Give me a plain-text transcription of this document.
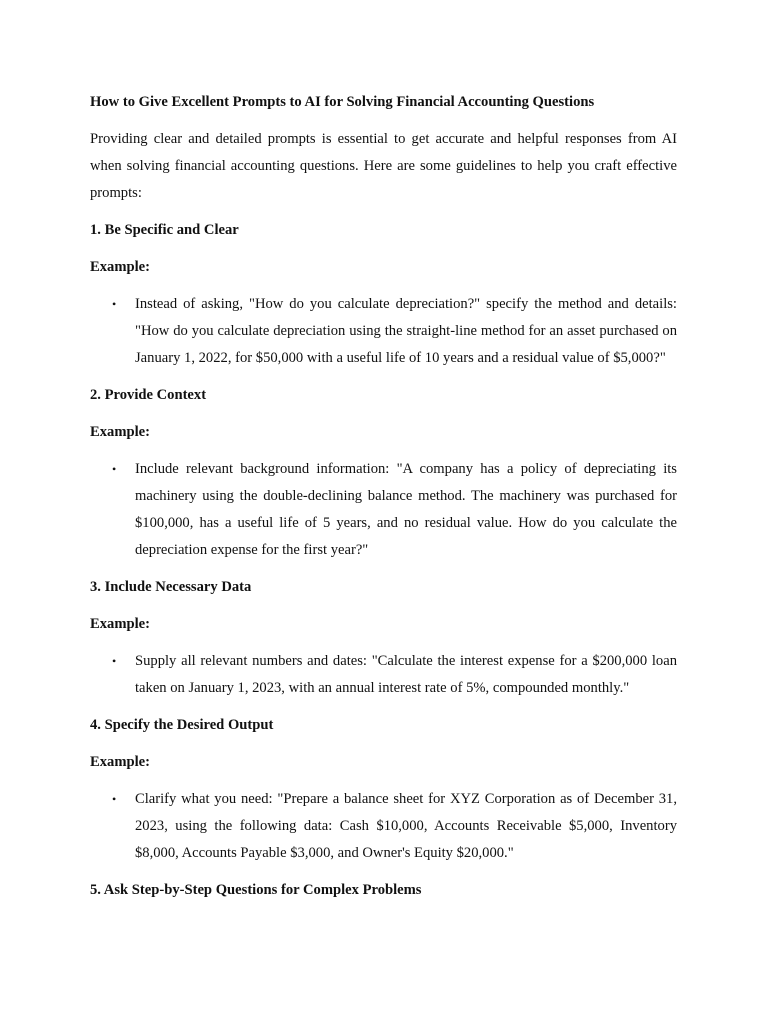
How to Give Excellent Prompts to AI for Solving Financial Accounting Questions
Providing clear and detailed prompts is essential to get accurate and helpful responses from AI when solving financial accounting questions. Here are some guidelines to help you craft effective prompts:
1. Be Specific and Clear
Example:
• Instead of asking, "How do you calculate depreciation?" specify the method and details: "How do you calculate depreciation using the straight-line method for an asset purchased on January 1, 2022, for $50,000 with a useful life of 10 years and a residual value of $5,000?"
2. Provide Context
Example:
• Include relevant background information: "A company has a policy of depreciating its machinery using the double-declining balance method. The machinery was purchased for $100,000, has a useful life of 5 years, and no residual value. How do you calculate the depreciation expense for the first year?"
3. Include Necessary Data
Example:
• Supply all relevant numbers and dates: "Calculate the interest expense for a $200,000 loan taken on January 1, 2023, with an annual interest rate of 5%, compounded monthly."
4. Specify the Desired Output
Example:
• Clarify what you need: "Prepare a balance sheet for XYZ Corporation as of December 31, 2023, using the following data: Cash $10,000, Accounts Receivable $5,000, Inventory $8,000, Accounts Payable $3,000, and Owner's Equity $20,000."
5. Ask Step-by-Step Questions for Complex Problems
